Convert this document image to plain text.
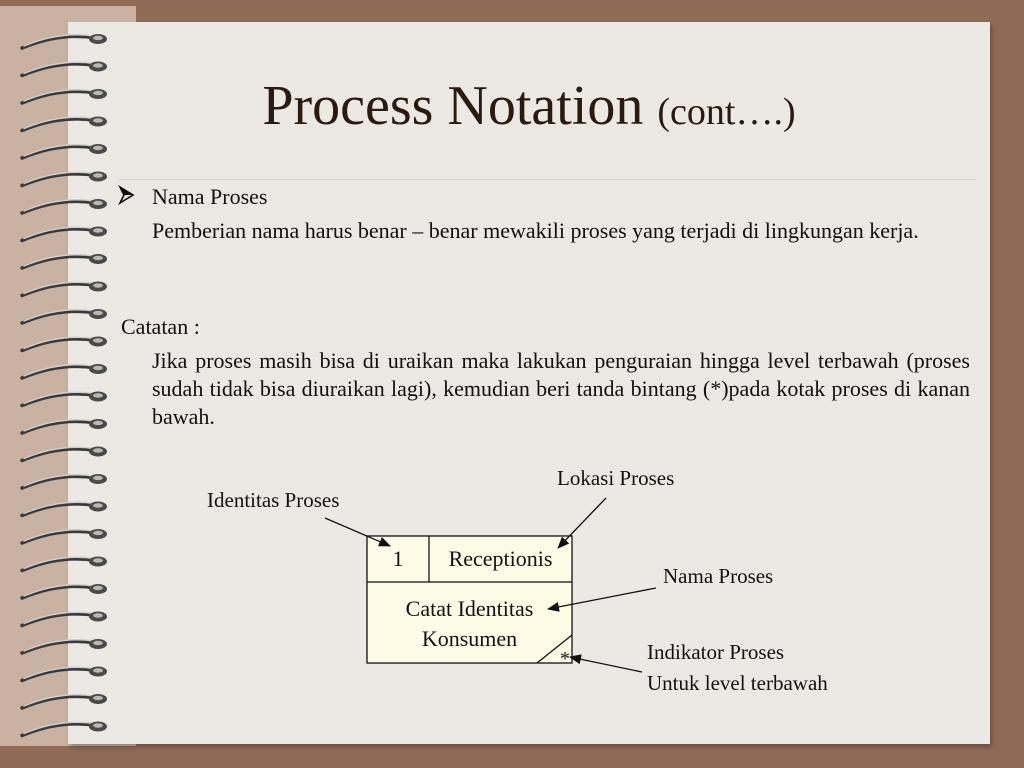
Process Notation (cont….)
Nama Proses
Pemberian nama harus benar – benar mewakili proses yang terjadi di lingkungan kerja.
Catatan :
Jika proses masih bisa di uraikan maka lakukan penguraian hingga level terbawah (proses sudah tidak bisa diuraikan lagi), kemudian beri tanda bintang (*)pada kotak proses di kanan bawah.
1	Receptionis
Catat Identitas
Konsumen
*
Identitas Proses
Lokasi Proses
Nama Proses
Indikator Proses
Untuk level terbawah
